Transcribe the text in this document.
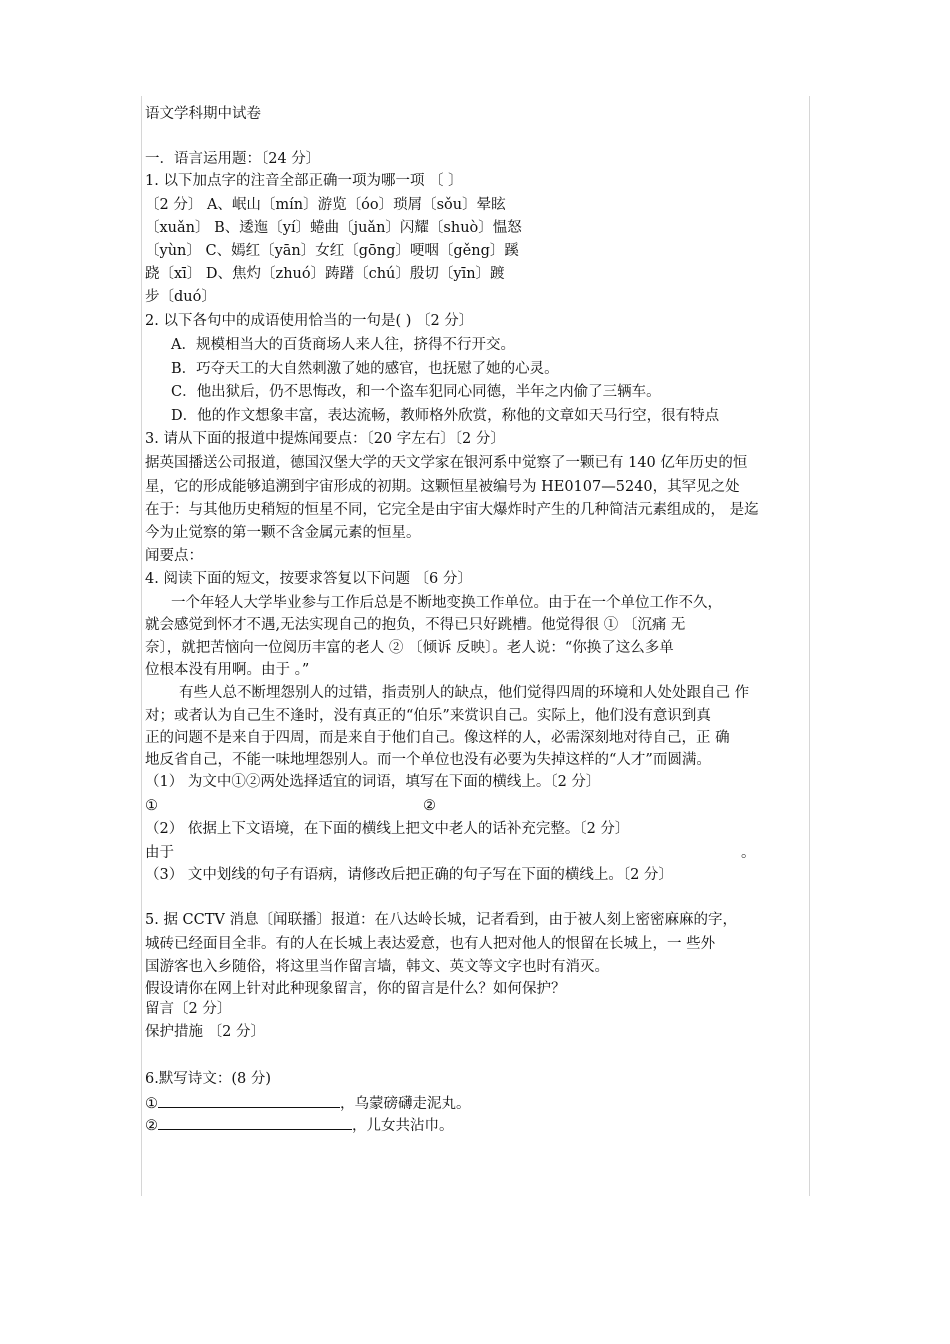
语文学科期中试卷
一．语言运用题：〔24 分〕
1. 以下加点字的注音全部正确一项为哪一项 〔 〕
〔2 分〕 A、岷山〔mín〕游览〔óo〕琐屑〔sǒu〕晕眩
〔xuǎn〕 B、逶迤〔yí〕蜷曲〔juǎn〕闪耀〔shuò〕愠怒
〔yùn〕 C、嫣红〔yān〕女红〔gōng〕哽咽〔gěng〕蹊
跷〔xī〕 D、焦灼〔zhuó〕踌躇〔chú〕殷切〔yīn〕踱
步〔duó〕
2. 以下各句中的成语使用恰当的一句是( ) 〔2 分〕
A．规模相当大的百货商场人来人往，挤得不行开交。
B．巧夺天工的大自然刺激了她的感官，也抚慰了她的心灵。
C．他出狱后，仍不思悔改，和一个盗车犯同心同德，半年之内偷了三辆车。
D．他的作文想象丰富，表达流畅，教师格外欣赏，称他的文章如天马行空，很有特点
3. 请从下面的报道中提炼闻要点：〔20 字左右〕〔2 分〕
据英国播送公司报道，德国汉堡大学的天文学家在银河系中觉察了一颗已有 140 亿年历史的恒
星，它的形成能够追溯到宇宙形成的初期。这颗恒星被编号为 HE0107—5240，其罕见之处
在于：与其他历史稍短的恒星不同，它完全是由宇宙大爆炸时产生的几种简洁元素组成的， 是迄
今为止觉察的第一颗不含金属元素的恒星。
闻要点：
4. 阅读下面的短文，按要求答复以下问题 〔6 分〕
一个年轻人大学毕业参与工作后总是不断地变换工作单位。由于在一个单位工作不久，
就会感觉到怀才不遇,无法实现自己的抱负，不得已只好跳槽。他觉得很 ① 〔沉痛 无
奈〕，就把苦恼向一位阅历丰富的老人 ② 〔倾诉 反映〕。老人说：“你换了这么多单
位根本没有用啊。由于 。”
有些人总不断埋怨别人的过错，指责别人的缺点，他们觉得四周的环境和人处处跟自己 作
对；或者认为自己生不逢时，没有真正的“伯乐”来赏识自己。实际上，他们没有意识到真
正的问题不是来自于四周，而是来自于他们自己。像这样的人，必需深刻地对待自己，正 确
地反省自己，不能一味地埋怨别人。而一个单位也没有必要为失掉这样的“人才”而圆满。
（1） 为文中①②两处选择适宜的词语，填写在下面的横线上。〔2 分〕
①	②
（2） 依据上下文语境，在下面的横线上把文中老人的话补充完整。〔2 分〕
由于	。
（3） 文中划线的句子有语病，请修改后把正确的句子写在下面的横线上。〔2 分〕
5. 据 CCTV 消息〔闻联播〕报道：在八达岭长城，记者看到，由于被人刻上密密麻麻的字，
城砖已经面目全非。有的人在长城上表达爱意，也有人把对他人的恨留在长城上，一 些外
国游客也入乡随俗，将这里当作留言墙，韩文、英文等文字也时有消灭。
假设请你在网上针对此种现象留言，你的留言是什么？如何保护？
留言〔2 分〕
保护措施 〔2 分〕
6.默写诗文：(8 分)
①	，乌蒙磅礴走泥丸。
②	，儿女共沾巾。
